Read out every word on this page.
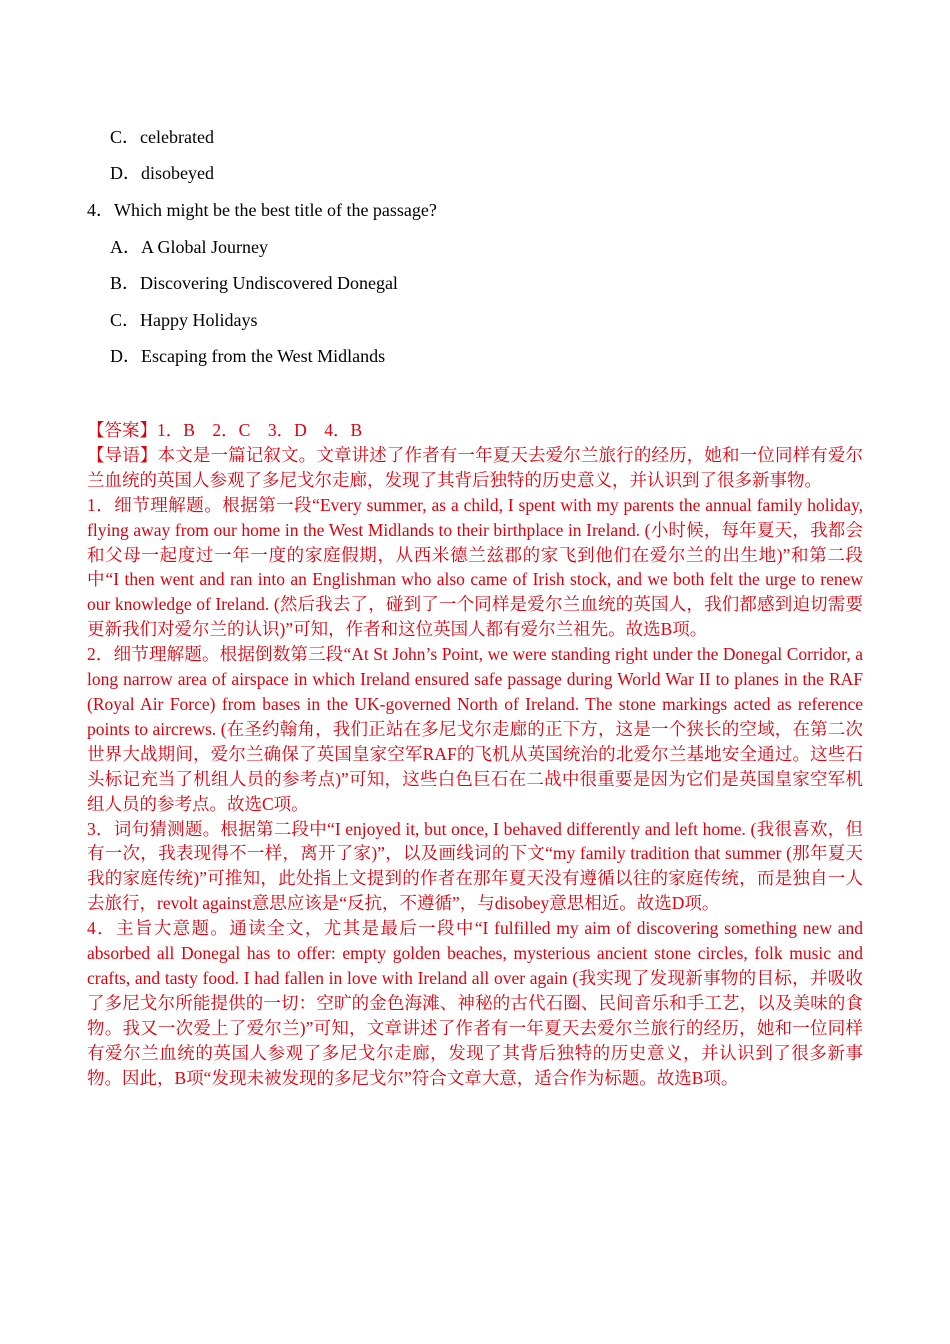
C．celebrated
D．disobeyed
4．Which might be the best title of the passage?
A．A Global Journey
B．Discovering Undiscovered Donegal
C．Happy Holidays
D．Escaping from the West Midlands

【答案】1．B　2．C　3．D　4．B

【导语】本文是一篇记叙文。文章讲述了作者有一年夏天去爱尔兰旅行的经历，她和一位同样有爱尔兰血统的英国人参观了多尼戈尔走廊，发现了其背后独特的历史意义，并认识到了很多新事物。

1．细节理解题。根据第一段“Every summer, as a child, I spent with my parents the annual family holiday, flying away from our home in the West Midlands to their birthplace in Ireland. (小时候，每年夏天，我都会和父母一起度过一年一度的家庭假期，从西米德兰兹郡的家飞到他们在爱尔兰的出生地)”和第二段中“I then went and ran into an Englishman who also came of Irish stock, and we both felt the urge to renew our knowledge of Ireland. (然后我去了，碰到了一个同样是爱尔兰血统的英国人，我们都感到迫切需要更新我们对爱尔兰的认识)”可知，作者和这位英国人都有爱尔兰祖先。故选B项。

2．细节理解题。根据倒数第三段“At St John’s Point, we were standing right under the Donegal Corridor, a long narrow area of airspace in which Ireland ensured safe passage during World War II to planes in the RAF (Royal Air Force) from bases in the UK-governed North of Ireland. The stone markings acted as reference points to aircrews. (在圣约翰角，我们正站在多尼戈尔走廊的正下方，这是一个狭长的空域，在第二次世界大战期间，爱尔兰确保了英国皇家空军RAF的飞机从英国统治的北爱尔兰基地安全通过。这些石头标记充当了机组人员的参考点)”可知，这些白色巨石在二战中很重要是因为它们是英国皇家空军机组人员的参考点。故选C项。

3．词句猜测题。根据第二段中“I enjoyed it, but once, I behaved differently and left home. (我很喜欢，但有一次，我表现得不一样，离开了家)”，以及画线词的下文“my family tradition that summer (那年夏天我的家庭传统)”可推知，此处指上文提到的作者在那年夏天没有遵循以往的家庭传统，而是独自一人去旅行，revolt against意思应该是“反抗，不遵循”，与disobey意思相近。故选D项。

4．主旨大意题。通读全文，尤其是最后一段中“I fulfilled my aim of discovering something new and absorbed all Donegal has to offer: empty golden beaches, mysterious ancient stone circles, folk music and crafts, and tasty food. I had fallen in love with Ireland all over again (我实现了发现新事物的目标，并吸收了多尼戈尔所能提供的一切：空旷的金色海滩、神秘的古代石圈、民间音乐和手工艺，以及美味的食物。我又一次爱上了爱尔兰)”可知，文章讲述了作者有一年夏天去爱尔兰旅行的经历，她和一位同样有爱尔兰血统的英国人参观了多尼戈尔走廊，发现了其背后独特的历史意义，并认识到了很多新事物。因此，B项“发现未被发现的多尼戈尔”符合文章大意，适合作为标题。故选B项。
